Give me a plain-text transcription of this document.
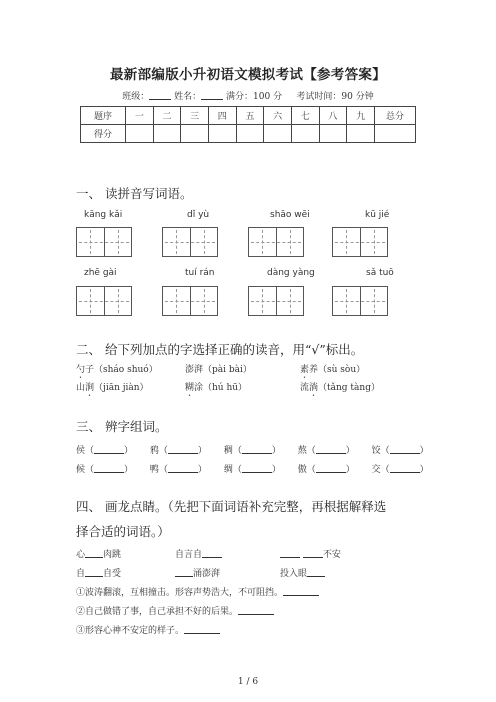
最新部编版小升初语文模拟考试【参考答案】
班级：	姓名：	满分：100 分 考试时间：90 分钟
题序	一	二	三	四	五	六	七	八	九	总分
得分										
一、 读拼音写词语。
kāng kǎi	dǐ yù	shāo wēi	kū jié
zhē gài	tuí rán	dàng yàng	sǎ tuō
二、 给下列加点的字选择正确的读音，用“√”标出。
勺子（sháo shuó）	澎湃（pài bài）	素养（sù sòu）
山涧（jiān jiàn）	糊涂（hú hū）	流淌（tǎng tàng）
三、 辨字组词。
侯（	） 鸦（	） 稠（	） 熬（	） 饺（	）
候（	） 鸭（	） 绸（	） 傲（	） 交（	）
四、 画龙点睛。（先把下面词语补充完整，再根据解释选
择合适的词语。）
心 肉跳	自言自	不安
自 自受	涌澎湃	投入眼
①波涛翻滚，互相撞击。形容声势浩大，不可阻挡。
②自己做错了事，自己承担不好的后果。
③形容心神不安定的样子。
1 / 6
